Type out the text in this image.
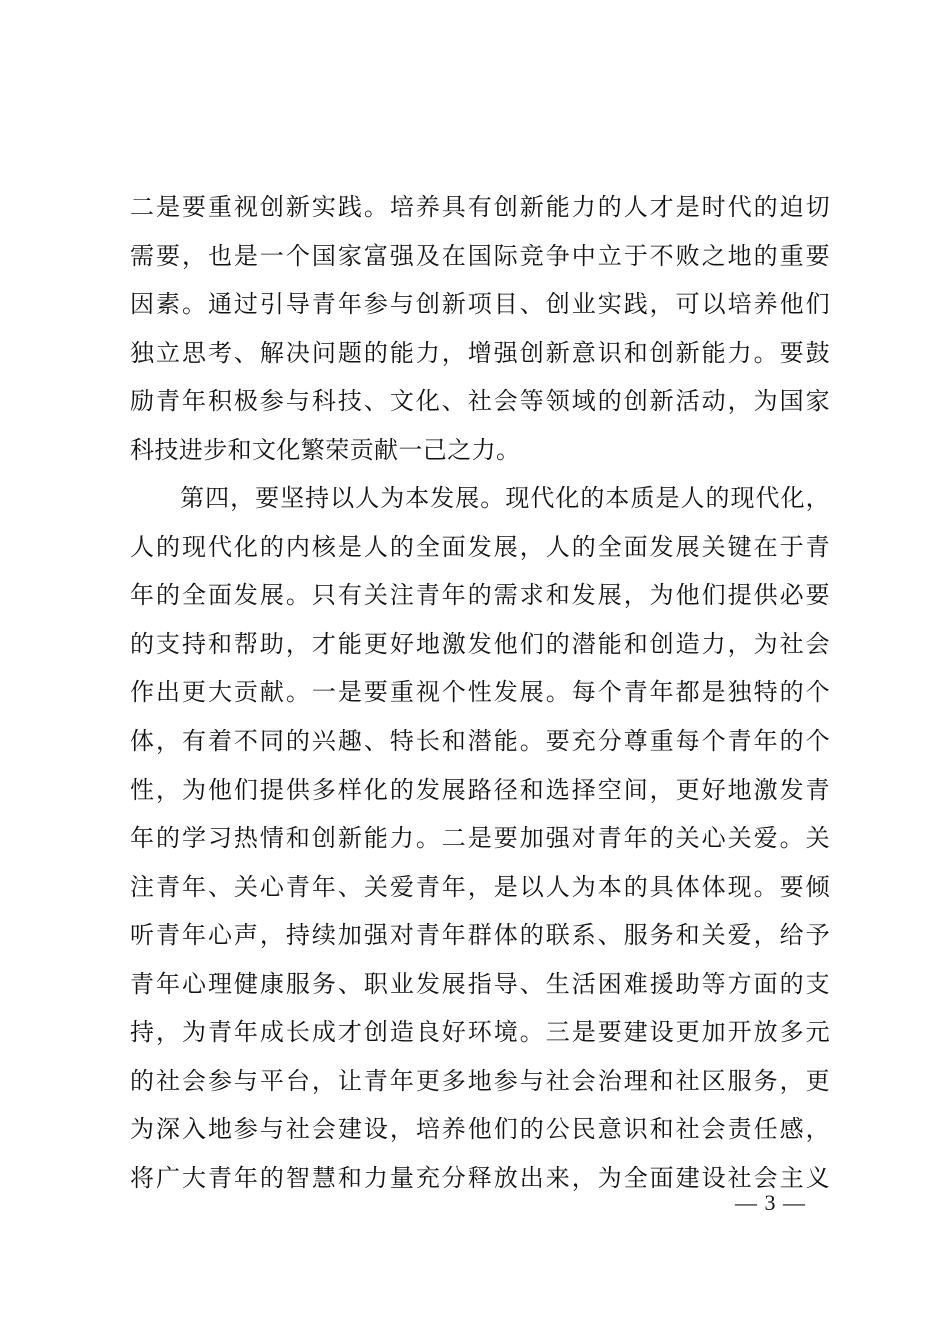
二是要重视创新实践。培养具有创新能力的人才是时代的迫切
需要，也是一个国家富强及在国际竞争中立于不败之地的重要
因素。通过引导青年参与创新项目、创业实践，可以培养他们
独立思考、解决问题的能力，增强创新意识和创新能力。要鼓
励青年积极参与科技、文化、社会等领域的创新活动，为国家
科技进步和文化繁荣贡献一己之力。
　　第四，要坚持以人为本发展。现代化的本质是人的现代化，
人的现代化的内核是人的全面发展，人的全面发展关键在于青
年的全面发展。只有关注青年的需求和发展，为他们提供必要
的支持和帮助，才能更好地激发他们的潜能和创造力，为社会
作出更大贡献。一是要重视个性发展。每个青年都是独特的个
体，有着不同的兴趣、特长和潜能。要充分尊重每个青年的个
性，为他们提供多样化的发展路径和选择空间，更好地激发青
年的学习热情和创新能力。二是要加强对青年的关心关爱。关
注青年、关心青年、关爱青年，是以人为本的具体体现。要倾
听青年心声，持续加强对青年群体的联系、服务和关爱，给予
青年心理健康服务、职业发展指导、生活困难援助等方面的支
持，为青年成长成才创造良好环境。三是要建设更加开放多元
的社会参与平台，让青年更多地参与社会治理和社区服务，更
为深入地参与社会建设，培养他们的公民意识和社会责任感，
将广大青年的智慧和力量充分释放出来，为全面建设社会主义
— 3 —
